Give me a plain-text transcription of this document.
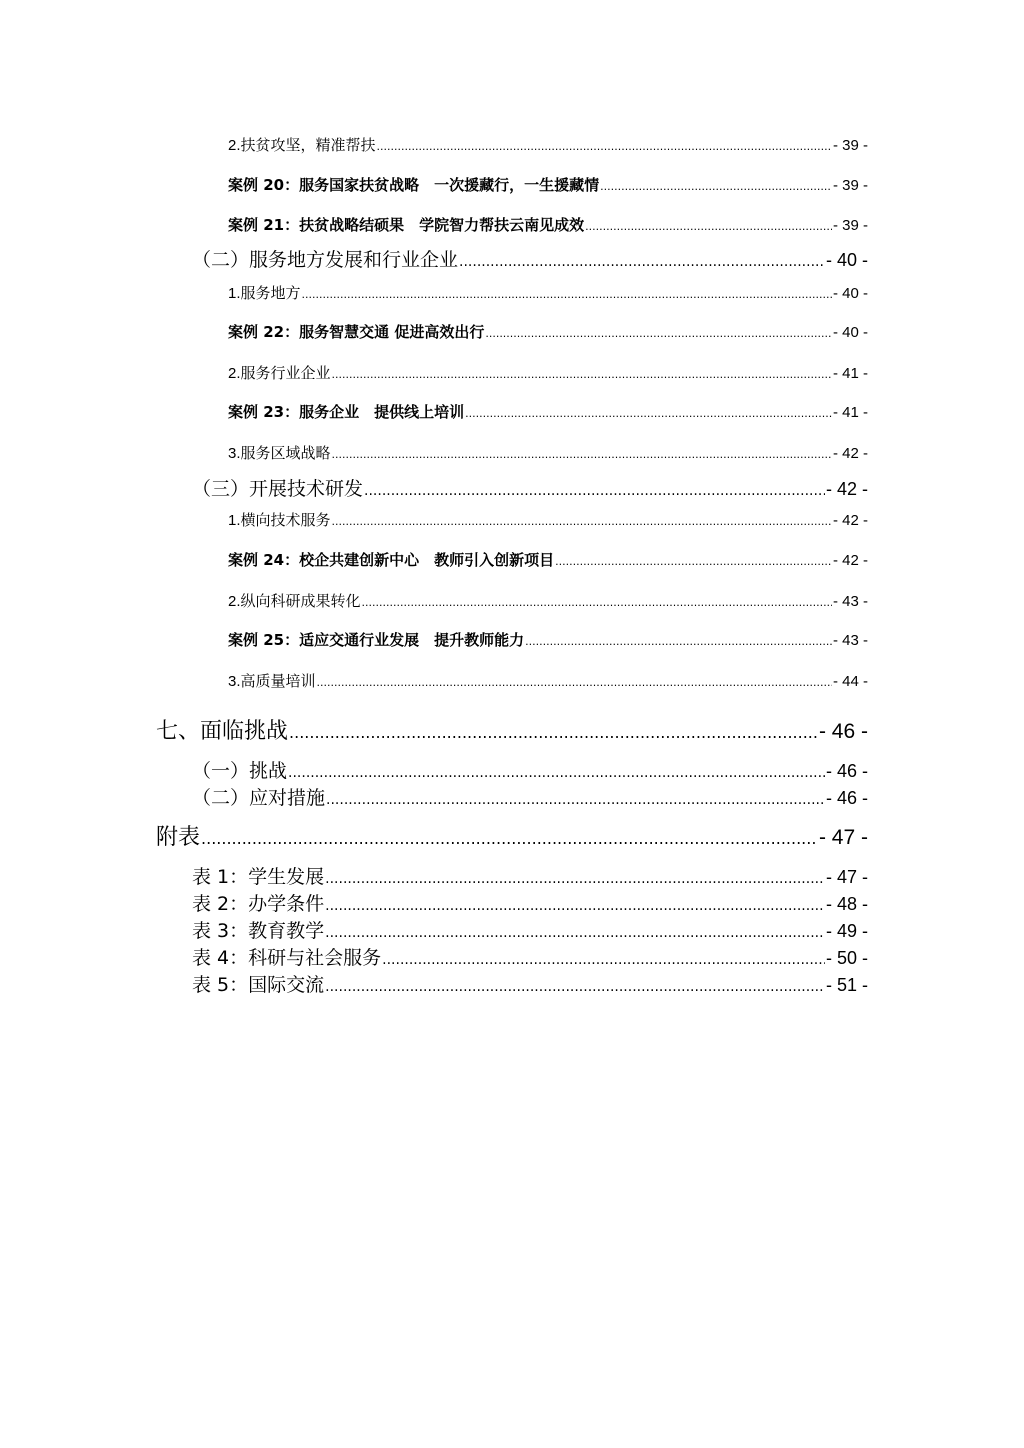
2.扶贫攻坚，精准帮扶 .....	- 39 -
案例 20：服务国家扶贫战略　一次援藏行，一生援藏情 .....	- 39 -
案例 21：扶贫战略结硕果　学院智力帮扶云南见成效 .....	- 39 -
（二）服务地方发展和行业企业 .....	- 40 -
1.服务地方 .....	- 40 -
案例 22：服务智慧交通 促进高效出行 .....	- 40 -
2.服务行业企业 .....	- 41 -
案例 23：服务企业　提供线上培训 .....	- 41 -
3.服务区域战略 .....	- 42 -
（三）开展技术研发 .....	- 42 -
1.横向技术服务 .....	- 42 -
案例 24：校企共建创新中心　教师引入创新项目 .....	- 42 -
2.纵向科研成果转化 .....	- 43 -
案例 25：适应交通行业发展　提升教师能力 .....	- 43 -
3.高质量培训 .....	- 44 -
七、面临挑战 .....	- 46 -
（一）挑战 .....	- 46 -
（二）应对措施 .....	- 46 -
附表 .....	- 47 -
表 1：学生发展 .....	- 47 -
表 2：办学条件 .....	- 48 -
表 3：教育教学 .....	- 49 -
表 4：科研与社会服务 .....	- 50 -
表 5：国际交流 .....	- 51 -
